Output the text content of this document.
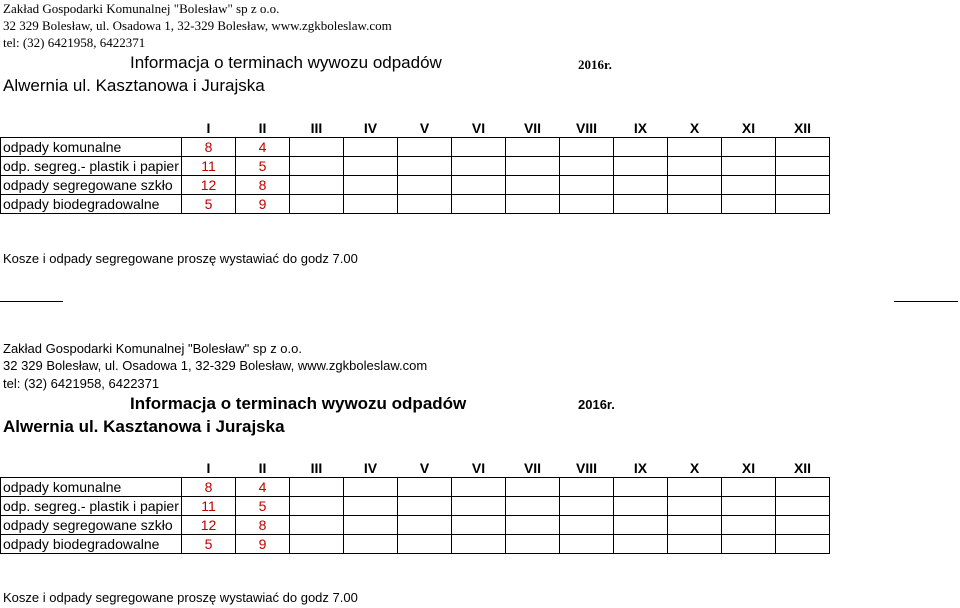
Zakład Gospodarki Komunalnej "Bolesław" sp z o.o.
32 329 Bolesław, ul. Osadowa 1, 32-329 Bolesław, www.zgkboleslaw.com
tel: (32) 6421958, 6422371
Informacja o terminach wywozu odpadów	2016r.
Alwernia ul. Kasztanowa i Jurajska
	I	II	III	IV	V	VI	VII	VIII	IX	X	XI	XII
odpady komunalne	8	4										
odp. segreg.- plastik i papier	11	5										
odpady segregowane szkło	12	8										
odpady biodegradowalne	5	9										
Kosze i odpady segregowane proszę wystawiać do godz 7.00
Zakład Gospodarki Komunalnej "Bolesław" sp z o.o.
32 329 Bolesław, ul. Osadowa 1, 32-329 Bolesław, www.zgkboleslaw.com
tel: (32) 6421958, 6422371
Informacja o terminach wywozu odpadów	2016r.
Alwernia ul. Kasztanowa i Jurajska
	I	II	III	IV	V	VI	VII	VIII	IX	X	XI	XII
odpady komunalne	8	4										
odp. segreg.- plastik i papier	11	5										
odpady segregowane szkło	12	8										
odpady biodegradowalne	5	9										
Kosze i odpady segregowane proszę wystawiać do godz 7.00
